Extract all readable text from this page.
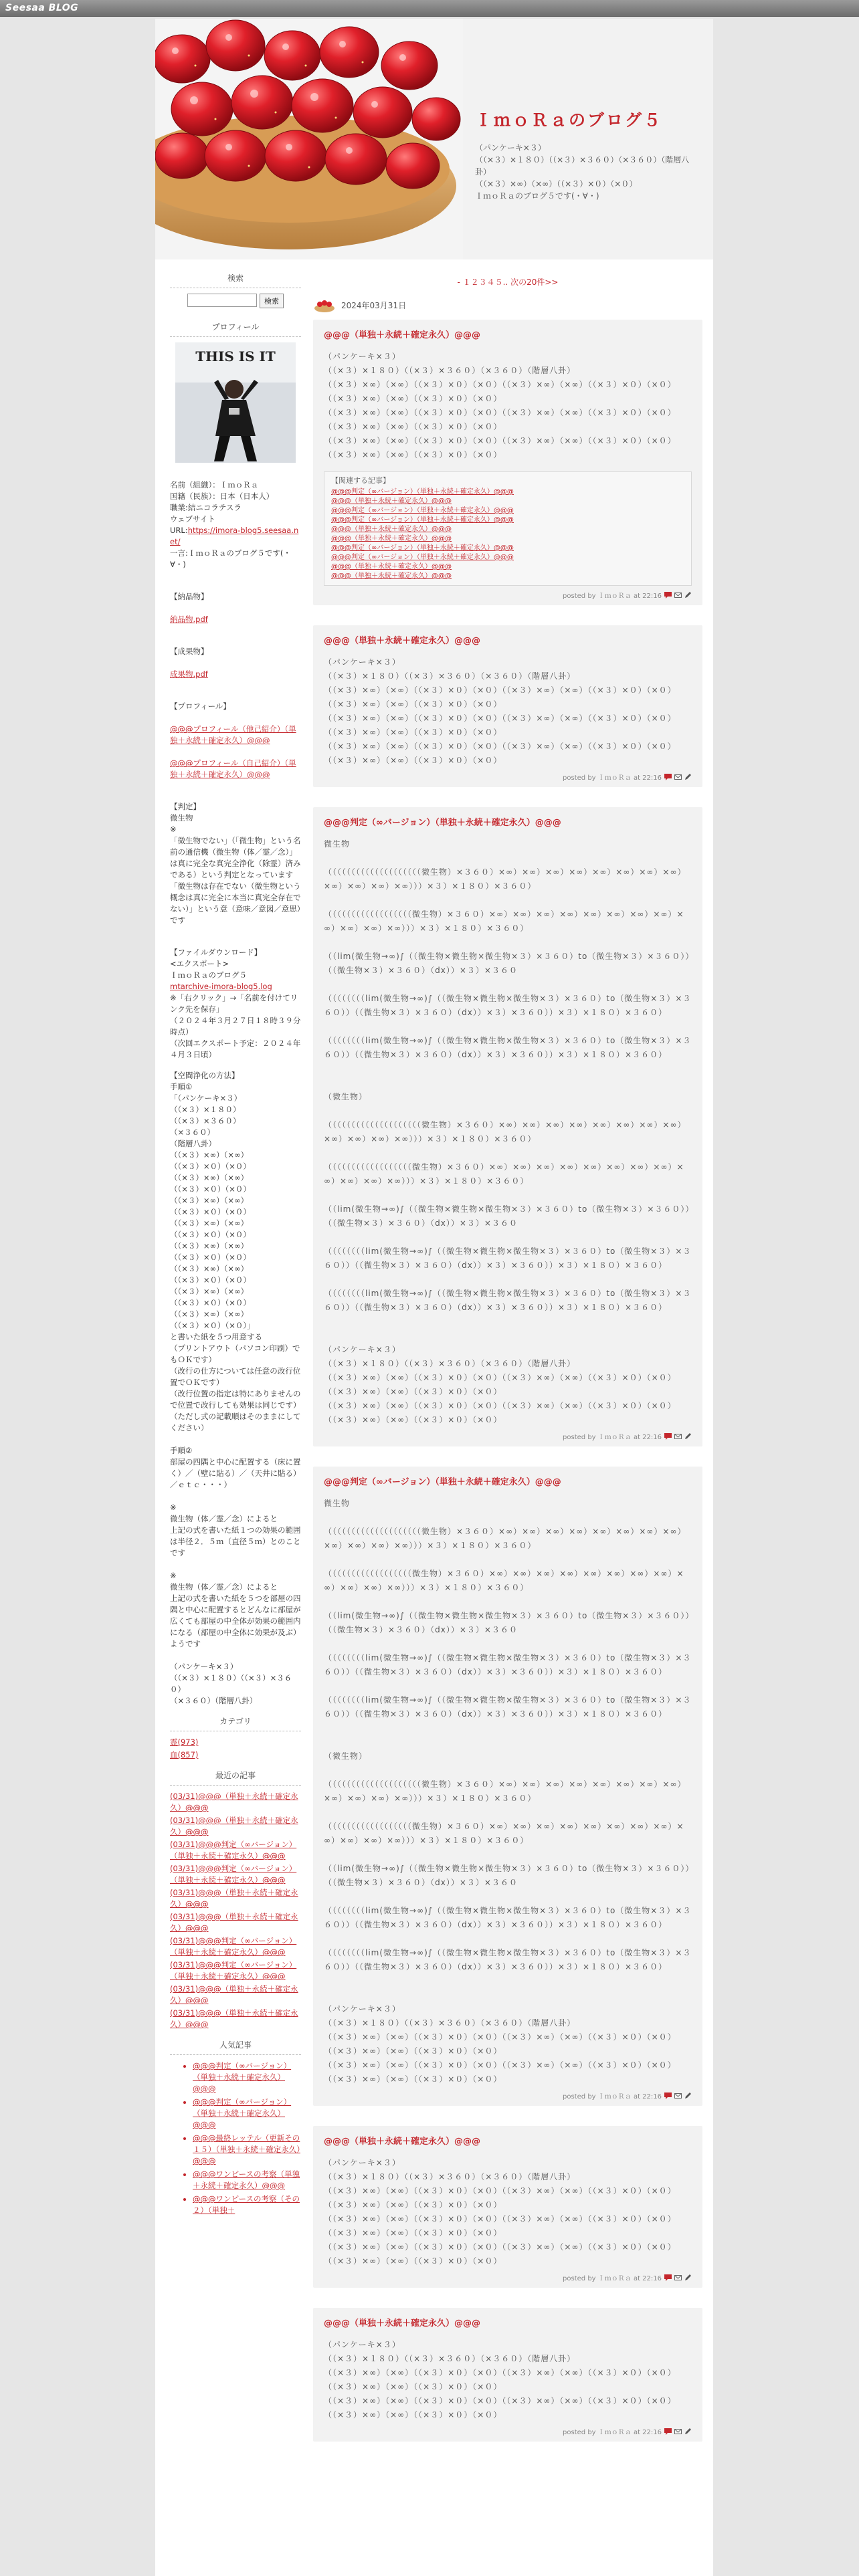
Seesaa BLOG
ＩｍｏＲａのブログ５
（パンケーキ×３）
（（×３）×１８０）（（×３）×３６０）（×３６０）（階層八卦）
（（×３）×∞）（×∞）（（×３）×０）（×０）
ＩｍｏＲａのブログ５です(・∀・)
検索
検索
プロフィール
THIS IS IT

名前（組織）：ＩｍｏＲａ
国籍（民族）：日本（日本人）
職業:結ニコラテスラ
ウェブサイト
URL:https://imora-blog5.seesaa.net/
一言:ＩｍｏＲａのブログ５です(・∀・)

【納品物】

納品物.pdf

【成果物】

成果物.pdf

【プロフィール】

@@@プロフィール（他己紹介）（単独＋永続＋確定永久）@@@

@@@プロフィール（自己紹介）（単独＋永続＋確定永久）@@@

【判定】
微生物
※
「微生物でない」（「微生物」という名前の通信機（微生物（体／霊／念）」は真に完全な真完全浄化（除霊）済みである）という判定となっています
「微生物は存在でない（微生物という概念は真に完全に本当に真完全存在でない）」という意（意味／意図／意思）です

【ファイルダウンロード】
<エクスポート>
ＩｍｏＲａのブログ５
mtarchive-imora-blog5.log
※「右クリック」→「名前を付けてリンク先を保存」
（２０２４年３月２７日１８時３９分時点）
（次回エクスポート予定：２０２４年４月３日頃）

【空間浄化の方法】
手順①
「（パンケーキ×３）
（（×３）×１８０）
（（×３）×３６０）
（×３６０）
（階層八卦）
（（×３）×∞）（×∞）
（（×３）×０）（×０）
（（×３）×∞）（×∞）
（（×３）×０）（×０）
（（×３）×∞）（×∞）
（（×３）×０）（×０）
（（×３）×∞）（×∞）
（（×３）×０）（×０）
（（×３）×∞）（×∞）
（（×３）×０）（×０）
（（×３）×∞）（×∞）
（（×３）×０）（×０）
（（×３）×∞）（×∞）
（（×３）×０）（×０）
（（×３）×∞）（×∞）
（（×３）×０）（×０）」
と書いた紙を５つ用意する
（プリントアウト（パソコン印刷）でもＯＫです）
（改行の仕方については任意の改行位置でＯＫです）
（改行位置の指定は特にありませんので位置で改行しても効果は同じです）
（ただし式の記載順はそのままにしてください）

手順②
部屋の四隅と中心に配置する（床に置く）／（壁に貼る）／（天井に貼る）／ｅｔｃ・・・）

※
微生物（体／霊／念）によると
上記の式を書いた紙１つの効果の範囲は半径２．５ｍ（直径５ｍ）とのことです

※
微生物（体／霊／念）によると
上記の式を書いた紙を５つを部屋の四隅と中心に配置するとどんなに部屋が広くても部屋の中全体が効果の範囲内になる（部屋の中全体に効果が及ぶ）ようです

（パンケーキ×３）
（（×３）×１８０）（（×３）×３６０）
（×３６０）（階層八卦）
カテゴリ
霊(973)
血(857)
最近の記事
(03/31)@@@（単独＋永続＋確定永久）@@@
(03/31)@@@（単独＋永続＋確定永久）@@@
(03/31)@@@判定（∞バージョン）（単独＋永続＋確定永久）@@@
(03/31)@@@判定（∞バージョン）（単独＋永続＋確定永久）@@@
(03/31)@@@（単独＋永続＋確定永久）@@@
(03/31)@@@（単独＋永続＋確定永久）@@@
(03/31)@@@判定（∞バージョン）（単独＋永続＋確定永久）@@@
(03/31)@@@判定（∞バージョン）（単独＋永続＋確定永久）@@@
(03/31)@@@（単独＋永続＋確定永久）@@@
(03/31)@@@（単独＋永続＋確定永久）@@@
人気記事
• @@@判定（∞バージョン）（単独＋永続＋確定永久）@@@
• @@@判定（∞バージョン）（単独＋永続＋確定永久）@@@
• @@@最終レッテル（更新その１５）（単独＋永続＋確定永久）@@@
• @@@ワンピースの考察（単独＋永続＋確定永久）@@@
• @@@ワンピースの考察（その２）（単独＋
- １２３４５.. 次の20件>>
2024年03月31日
@@@（単独＋永続＋確定永久）@@@
（パンケーキ×３）
（（×３）×１８０）（（×３）×３６０）（×３６０）（階層八卦）
（（×３）×∞）（×∞）（（×３）×０）（×０）（（×３）×∞）（×∞）（（×３）×０）（×０）（（×３）×∞）（×∞）（（×３）×０）（×０）
（（×３）×∞）（×∞）（（×３）×０）（×０）（（×３）×∞）（×∞）（（×３）×０）（×０）（（×３）×∞）（×∞）（（×３）×０）（×０）
（（×３）×∞）（×∞）（（×３）×０）（×０）（（×３）×∞）（×∞）（（×３）×０）（×０）（（×３）×∞）（×∞）（（×３）×０）（×０）
【関連する記事】
@@@判定（∞バージョン）（単独＋永続＋確定永久）@@@
@@@（単独＋永続＋確定永久）@@@
@@@判定（∞バージョン）（単独＋永続＋確定永久）@@@
@@@判定（∞バージョン）（単独＋永続＋確定永久）@@@
@@@（単独＋永続＋確定永久）@@@
@@@（単独＋永続＋確定永久）@@@
@@@判定（∞バージョン）（単独＋永続＋確定永久）@@@
@@@判定（∞バージョン）（単独＋永続＋確定永久）@@@
@@@（単独＋永続＋確定永久）@@@
@@@（単独＋永続＋確定永久）@@@
posted by ＩｍｏＲａ at 22:16
@@@（単独＋永続＋確定永久）@@@
（パンケーキ×３）
（（×３）×１８０）（（×３）×３６０）（×３６０）（階層八卦）
（（×３）×∞）（×∞）（（×３）×０）（×０）（（×３）×∞）（×∞）（（×３）×０）（×０）（（×３）×∞）（×∞）（（×３）×０）（×０）
（（×３）×∞）（×∞）（（×３）×０）（×０）（（×３）×∞）（×∞）（（×３）×０）（×０）（（×３）×∞）（×∞）（（×３）×０）（×０）
（（×３）×∞）（×∞）（（×３）×０）（×０）（（×３）×∞）（×∞）（（×３）×０）（×０）（（×３）×∞）（×∞）（（×３）×０）（×０）
posted by ＩｍｏＲａ at 22:16
@@@判定（∞バージョン）（単独＋永続＋確定永久）@@@
微生物

（（（（（（（（（（（（（（（（（（（（微生物）×３６０）×∞）×∞）×∞）×∞）×∞）×∞）×∞）×∞）×∞）×∞）×∞）×∞）））×３）×１８０）×３６０）

（（（（（（（（（（（（（（（（（（微生物）×３６０）×∞）×∞）×∞）×∞）×∞）×∞）×∞）×∞）×∞）×∞）×∞）×∞）））×３）×１８０）×３６０）

（（lim(微生物→∞)∫（（微生物×微生物×微生物×３）×３６０）to（微生物×３）×３６０））（（微生物×３）×３６０）（dx））×３）×３６０

（（（（（（（（lim(微生物→∞)∫（（微生物×微生物×微生物×３）×３６０）to（微生物×３）×３６０））（（微生物×３）×３６０）（dx））×３）×３６０））×３）×１８０）×３６０）

（（（（（（（（lim(微生物→∞)∫（（微生物×微生物×微生物×３）×３６０）to（微生物×３）×３６０））（（微生物×３）×３６０）（dx））×３）×３６０））×３）×１８０）×３６０）

（微生物）

（（（（（（（（（（（（（（（（（（（（微生物）×３６０）×∞）×∞）×∞）×∞）×∞）×∞）×∞）×∞）×∞）×∞）×∞）×∞）））×３）×１８０）×３６０）

（（（（（（（（（（（（（（（（（（微生物）×３６０）×∞）×∞）×∞）×∞）×∞）×∞）×∞）×∞）×∞）×∞）×∞）×∞）））×３）×１８０）×３６０）

（（lim(微生物→∞)∫（（微生物×微生物×微生物×３）×３６０）to（微生物×３）×３６０））（（微生物×３）×３６０）（dx））×３）×３６０

（（（（（（（（lim(微生物→∞)∫（（微生物×微生物×微生物×３）×３６０）to（微生物×３）×３６０））（（微生物×３）×３６０）（dx））×３）×３６０））×３）×１８０）×３６０）

（（（（（（（（lim(微生物→∞)∫（（微生物×微生物×微生物×３）×３６０）to（微生物×３）×３６０））（（微生物×３）×３６０）（dx））×３）×３６０））×３）×１８０）×３６０）

（パンケーキ×３）
（（×３）×１８０）（（×３）×３６０）（×３６０）（階層八卦）
（（×３）×∞）（×∞）（（×３）×０）（×０）（（×３）×∞）（×∞）（（×３）×０）（×０）（（×３）×∞）（×∞）（（×３）×０）（×０）
（（×３）×∞）（×∞）（（×３）×０）（×０）（（×３）×∞）（×∞）（（×３）×０）（×０）（（×３）×∞）（×∞）（（×３）×０）（×０）
posted by ＩｍｏＲａ at 22:16
@@@判定（∞バージョン）（単独＋永続＋確定永久）@@@
微生物

（（（（（（（（（（（（（（（（（（（（微生物）×３６０）×∞）×∞）×∞）×∞）×∞）×∞）×∞）×∞）×∞）×∞）×∞）×∞）））×３）×１８０）×３６０）

（（（（（（（（（（（（（（（（（（微生物）×３６０）×∞）×∞）×∞）×∞）×∞）×∞）×∞）×∞）×∞）×∞）×∞）×∞）））×３）×１８０）×３６０）

（（lim(微生物→∞)∫（（微生物×微生物×微生物×３）×３６０）to（微生物×３）×３６０））（（微生物×３）×３６０）（dx））×３）×３６０

（（（（（（（（lim(微生物→∞)∫（（微生物×微生物×微生物×３）×３６０）to（微生物×３）×３６０））（（微生物×３）×３６０）（dx））×３）×３６０））×３）×１８０）×３６０）

（（（（（（（（lim(微生物→∞)∫（（微生物×微生物×微生物×３）×３６０）to（微生物×３）×３６０））（（微生物×３）×３６０）（dx））×３）×３６０））×３）×１８０）×３６０）

（微生物）

（（（（（（（（（（（（（（（（（（（（微生物）×３６０）×∞）×∞）×∞）×∞）×∞）×∞）×∞）×∞）×∞）×∞）×∞）×∞）））×３）×１８０）×３６０）

（（（（（（（（（（（（（（（（（（微生物）×３６０）×∞）×∞）×∞）×∞）×∞）×∞）×∞）×∞）×∞）×∞）×∞）×∞）））×３）×１８０）×３６０）

（（lim(微生物→∞)∫（（微生物×微生物×微生物×３）×３６０）to（微生物×３）×３６０））（（微生物×３）×３６０）（dx））×３）×３６０

（（（（（（（（lim(微生物→∞)∫（（微生物×微生物×微生物×３）×３６０）to（微生物×３）×３６０））（（微生物×３）×３６０）（dx））×３）×３６０））×３）×１８０）×３６０）

（（（（（（（（lim(微生物→∞)∫（（微生物×微生物×微生物×３）×３６０）to（微生物×３）×３６０））（（微生物×３）×３６０）（dx））×３）×３６０））×３）×１８０）×３６０）

（パンケーキ×３）
（（×３）×１８０）（（×３）×３６０）（×３６０）（階層八卦）
（（×３）×∞）（×∞）（（×３）×０）（×０）（（×３）×∞）（×∞）（（×３）×０）（×０）（（×３）×∞）（×∞）（（×３）×０）（×０）
（（×３）×∞）（×∞）（（×３）×０）（×０）（（×３）×∞）（×∞）（（×３）×０）（×０）（（×３）×∞）（×∞）（（×３）×０）（×０）
posted by ＩｍｏＲａ at 22:16
@@@（単独＋永続＋確定永久）@@@
（パンケーキ×３）
（（×３）×１８０）（（×３）×３６０）（×３６０）（階層八卦）
（（×３）×∞）（×∞）（（×３）×０）（×０）（（×３）×∞）（×∞）（（×３）×０）（×０）（（×３）×∞）（×∞）（（×３）×０）（×０）
（（×３）×∞）（×∞）（（×３）×０）（×０）（（×３）×∞）（×∞）（（×３）×０）（×０）（（×３）×∞）（×∞）（（×３）×０）（×０）
（（×３）×∞）（×∞）（（×３）×０）（×０）（（×３）×∞）（×∞）（（×３）×０）（×０）（（×３）×∞）（×∞）（（×３）×０）（×０）
posted by ＩｍｏＲａ at 22:16
@@@（単独＋永続＋確定永久）@@@
（パンケーキ×３）
（（×３）×１８０）（（×３）×３６０）（×３６０）（階層八卦）
（（×３）×∞）（×∞）（（×３）×０）（×０）（（×３）×∞）（×∞）（（×３）×０）（×０）（（×３）×∞）（×∞）（（×３）×０）（×０）
（（×３）×∞）（×∞）（（×３）×０）（×０）（（×３）×∞）（×∞）（（×３）×０）（×０）（（×３）×∞）（×∞）（（×３）×０）（×０）
posted by ＩｍｏＲａ at 22:16
